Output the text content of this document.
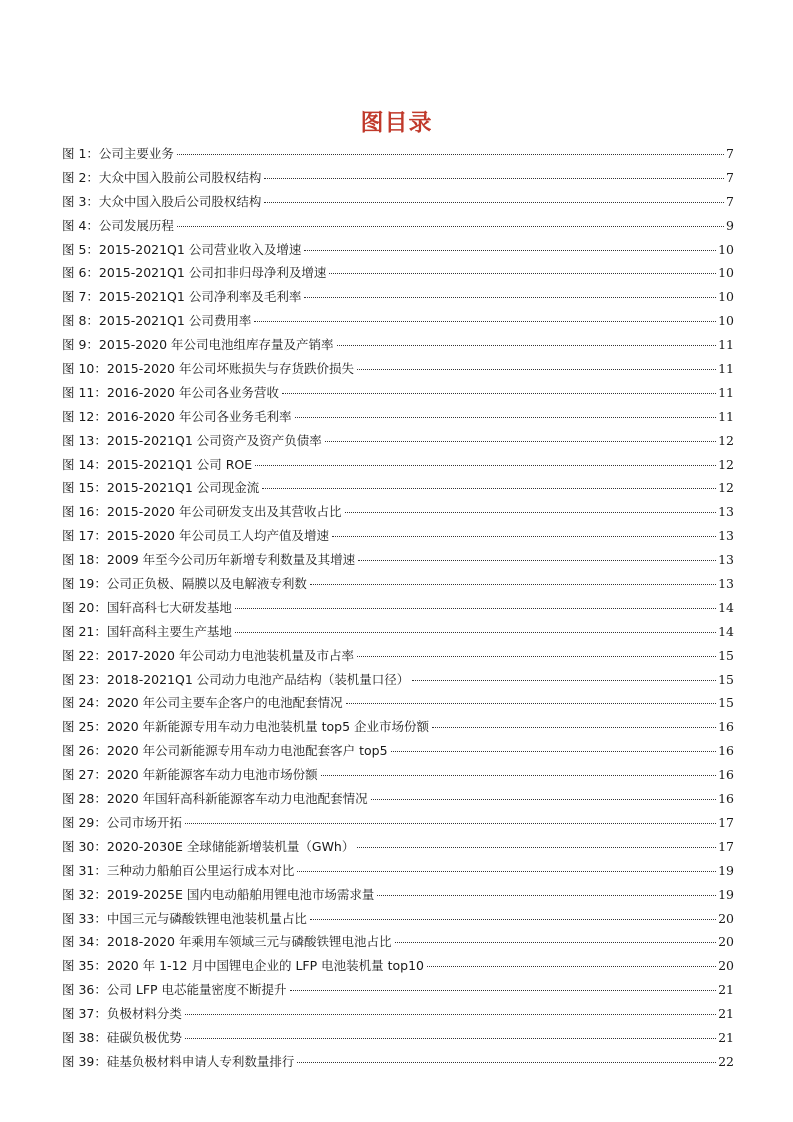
图目录
图 1：公司主要业务	7
图 2：大众中国入股前公司股权结构	7
图 3：大众中国入股后公司股权结构	7
图 4：公司发展历程	9
图 5：2015-2021Q1 公司营业收入及增速	10
图 6：2015-2021Q1 公司扣非归母净利及增速	10
图 7：2015-2021Q1 公司净利率及毛利率	10
图 8：2015-2021Q1 公司费用率	10
图 9：2015-2020 年公司电池组库存量及产销率	11
图 10：2015-2020 年公司坏账损失与存货跌价损失	11
图 11：2016-2020 年公司各业务营收	11
图 12：2016-2020 年公司各业务毛利率	11
图 13：2015-2021Q1 公司资产及资产负债率	12
图 14：2015-2021Q1 公司 ROE	12
图 15：2015-2021Q1 公司现金流	12
图 16：2015-2020 年公司研发支出及其营收占比	13
图 17：2015-2020 年公司员工人均产值及增速	13
图 18：2009 年至今公司历年新增专利数量及其增速	13
图 19：公司正负极、隔膜以及电解液专利数	13
图 20：国轩高科七大研发基地	14
图 21：国轩高科主要生产基地	14
图 22：2017-2020 年公司动力电池装机量及市占率	15
图 23：2018-2021Q1 公司动力电池产品结构（装机量口径）	15
图 24：2020 年公司主要车企客户的电池配套情况	15
图 25：2020 年新能源专用车动力电池装机量 top5 企业市场份额	16
图 26：2020 年公司新能源专用车动力电池配套客户 top5	16
图 27：2020 年新能源客车动力电池市场份额	16
图 28：2020 年国轩高科新能源客车动力电池配套情况	16
图 29：公司市场开拓	17
图 30：2020-2030E 全球储能新增装机量（GWh）	17
图 31：三种动力船舶百公里运行成本对比	19
图 32：2019-2025E 国内电动船舶用锂电池市场需求量	19
图 33：中国三元与磷酸铁锂电池装机量占比	20
图 34：2018-2020 年乘用车领域三元与磷酸铁锂电池占比	20
图 35：2020 年 1-12 月中国锂电企业的 LFP 电池装机量 top10	20
图 36：公司 LFP 电芯能量密度不断提升	21
图 37：负极材料分类	21
图 38：硅碳负极优势	21
图 39：硅基负极材料申请人专利数量排行	22
